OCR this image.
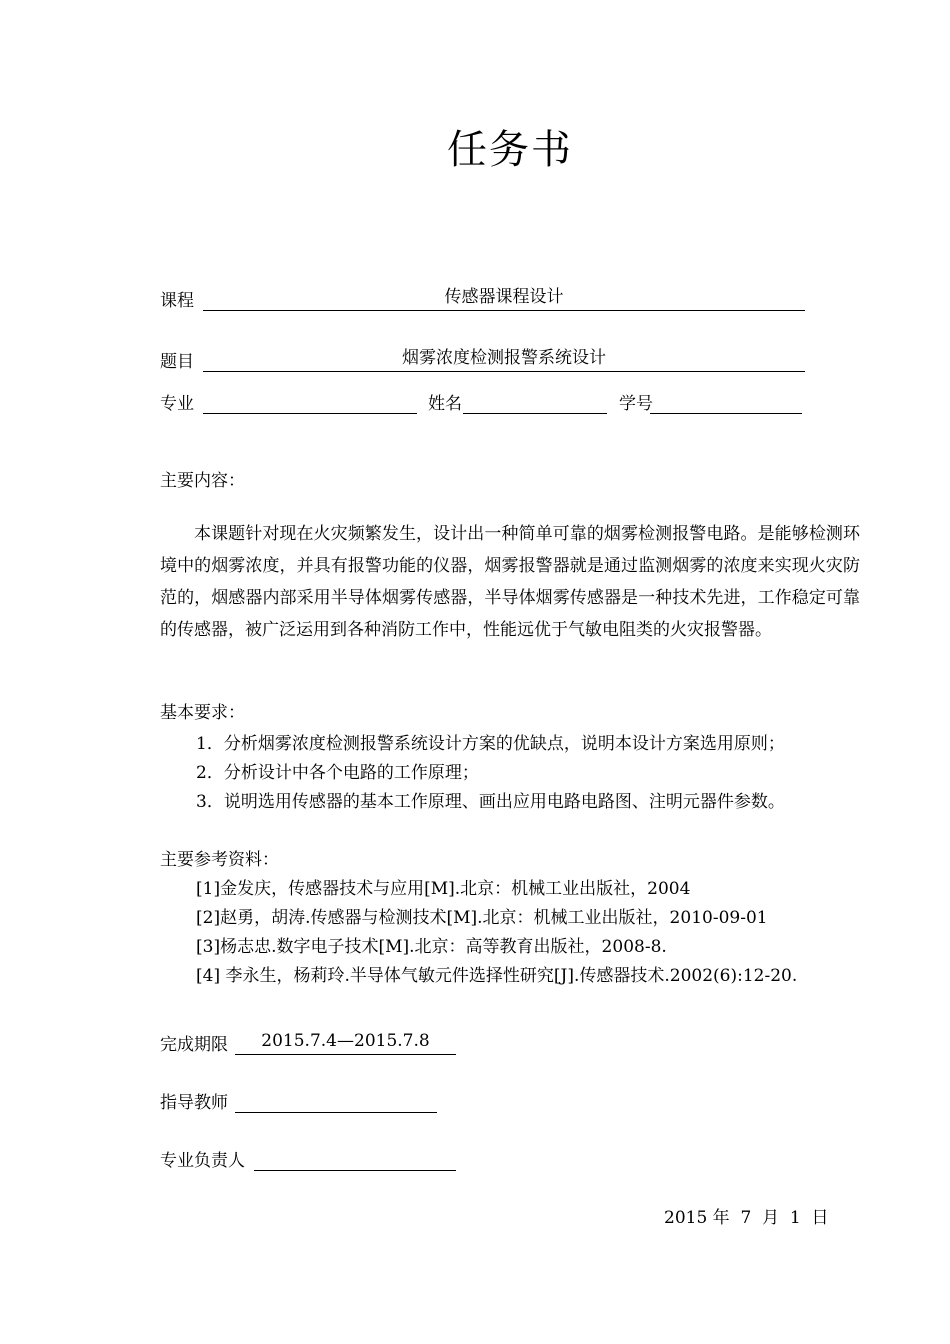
任务书
课程	传感器课程设计
题目	烟雾浓度检测报警系统设计
专业	姓名	学号
主要内容：
本课题针对现在火灾频繁发生，设计出一种简单可靠的烟雾检测报警电路。是能够检测环境中的烟雾浓度，并具有报警功能的仪器，烟雾报警器就是通过监测烟雾的浓度来实现火灾防范的，烟感器内部采用半导体烟雾传感器，半导体烟雾传感器是一种技术先进，工作稳定可靠的传感器，被广泛运用到各种消防工作中，性能远优于气敏电阻类的火灾报警器。
基本要求：
1．分析烟雾浓度检测报警系统设计方案的优缺点，说明本设计方案选用原则；
2．分析设计中各个电路的工作原理；
3．说明选用传感器的基本工作原理、画出应用电路电路图、注明元器件参数。
主要参考资料：
[1]金发庆，传感器技术与应用[M].北京：机械工业出版社，2004
[2]赵勇，胡涛.传感器与检测技术[M].北京：机械工业出版社，2010-09-01
[3]杨志忠.数字电子技术[M].北京：高等教育出版社，2008-8.
[4] 李永生，杨莉玲.半导体气敏元件选择性研究[J].传感器技术.2002(6):12-20.
完成期限	2015.7.4—2015.7.8
指导教师
专业负责人
2015 年  7  月  1  日
